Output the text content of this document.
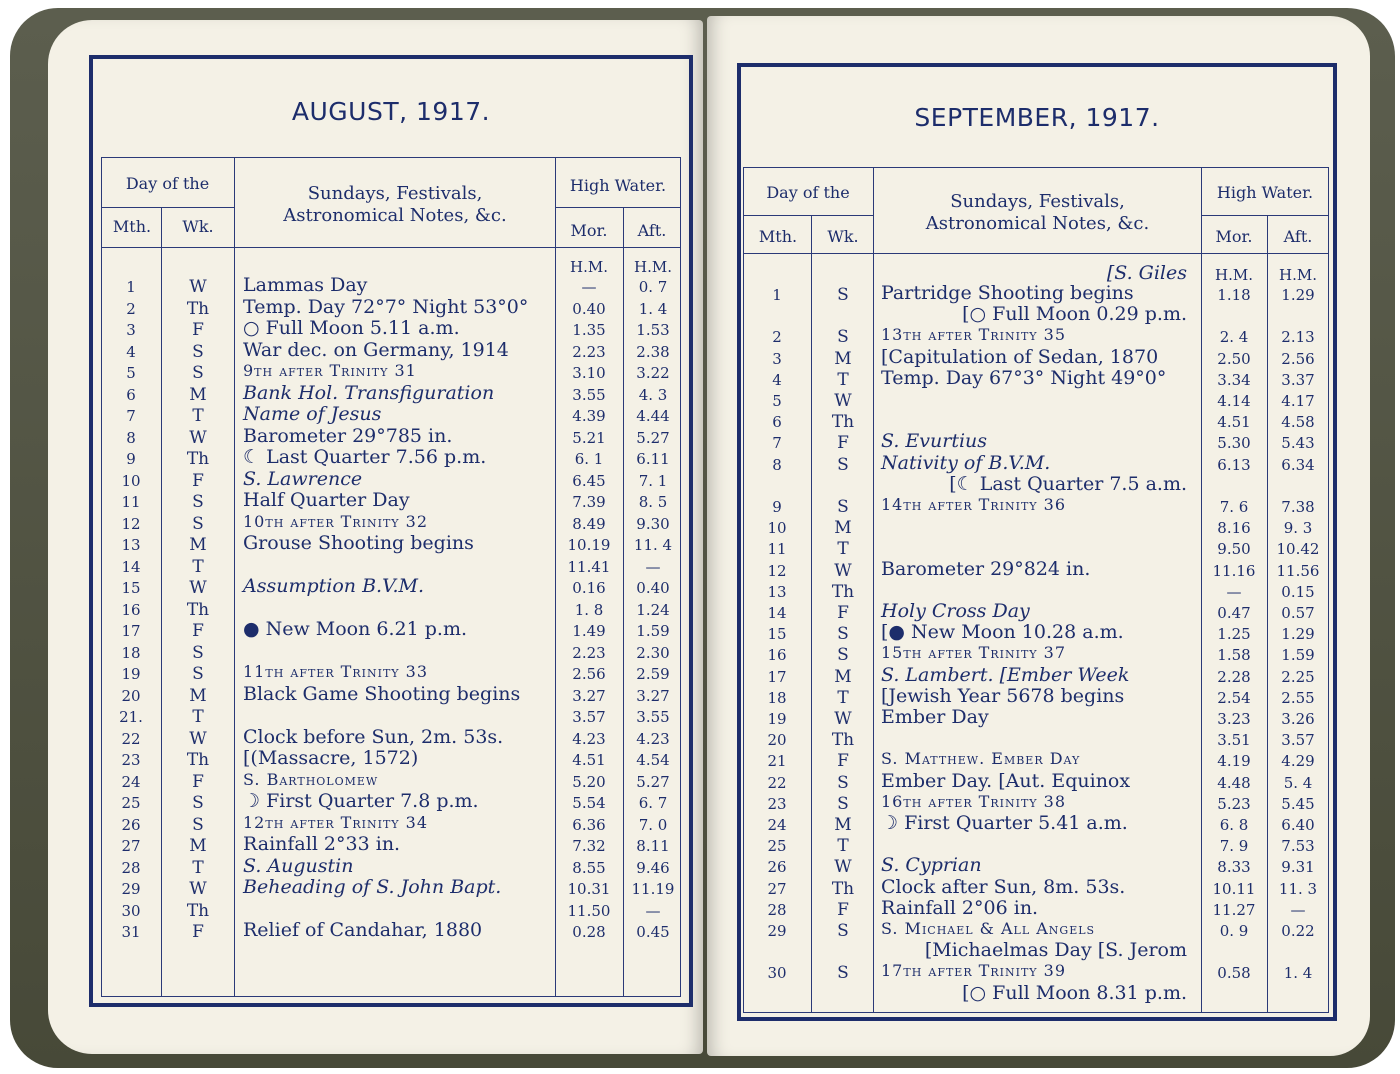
AUGUST, 1917.
Day of the
Mth.	Wk.
Sundays, Festivals,
Astronomical Notes, &c.
High Water.
Mor.	Aft.
H.M.	H.M.
1	W	Lammas Day	—	0. 7
2	Th	Temp. Day 72°7° Night 53°0°	0.40	1. 4
3	F	○ Full Moon 5.11 a.m.	1.35	1.53
4	S	War dec. on Germany, 1914	2.23	2.38
5	S	9th after Trinity 31	3.10	3.22
6	M	Bank Hol. Transfiguration	3.55	4. 3
7	T	Name of Jesus	4.39	4.44
8	W	Barometer 29°785 in.	5.21	5.27
9	Th	☾ Last Quarter 7.56 p.m.	6. 1	6.11
10	F	S. Lawrence	6.45	7. 1
11	S	Half Quarter Day	7.39	8. 5
12	S	10th after Trinity 32	8.49	9.30
13	M	Grouse Shooting begins	10.19	11. 4
14	T	11.41	—
15	W	Assumption B.V.M.	0.16	0.40
16	Th	1. 8	1.24
17	F	● New Moon 6.21 p.m.	1.49	1.59
18	S	2.23	2.30
19	S	11th after Trinity 33	2.56	2.59
20	M	Black Game Shooting begins	3.27	3.27
21.	T	3.57	3.55
22	W	Clock before Sun, 2m. 53s.	4.23	4.23
23	Th	[(Massacre, 1572)	4.51	4.54
24	F	S. Bartholomew	5.20	5.27
25	S	☽ First Quarter 7.8 p.m.	5.54	6. 7
26	S	12th after Trinity 34	6.36	7. 0
27	M	Rainfall 2°33 in.	7.32	8.11
28	T	S. Augustin	8.55	9.46
29	W	Beheading of S. John Bapt.	10.31	11.19
30	Th	11.50	—
31	F	Relief of Candahar, 1880	0.28	0.45
SEPTEMBER, 1917.
Day of the
Mth.	Wk.
Sundays, Festivals,
Astronomical Notes, &c.
High Water.
Mor.	Aft.
[S. Giles	H.M.	H.M.
1	S	Partridge Shooting begins	1.18	1.29
[○ Full Moon 0.29 p.m.
2	S	13th after Trinity 35	2. 4	2.13
3	M	[Capitulation of Sedan, 1870	2.50	2.56
4	T	Temp. Day 67°3° Night 49°0°	3.34	3.37
5	W	4.14	4.17
6	Th	4.51	4.58
7	F	S. Evurtius	5.30	5.43
8	S	Nativity of B.V.M.	6.13	6.34
[☾ Last Quarter 7.5 a.m.
9	S	14th after Trinity 36	7. 6	7.38
10	M	8.16	9. 3
11	T	9.50	10.42
12	W	Barometer 29°824 in.	11.16	11.56
13	Th	—	0.15
14	F	Holy Cross Day	0.47	0.57
15	S	[● New Moon 10.28 a.m.	1.25	1.29
16	S	15th after Trinity 37	1.58	1.59
17	M	S. Lambert. [Ember Week	2.28	2.25
18	T	[Jewish Year 5678 begins	2.54	2.55
19	W	Ember Day	3.23	3.26
20	Th	3.51	3.57
21	F	S. Matthew. Ember Day	4.19	4.29
22	S	Ember Day. [Aut. Equinox	4.48	5. 4
23	S	16th after Trinity 38	5.23	5.45
24	M	☽ First Quarter 5.41 a.m.	6. 8	6.40
25	T	7. 9	7.53
26	W	S. Cyprian	8.33	9.31
27	Th	Clock after Sun, 8m. 53s.	10.11	11. 3
28	F	Rainfall 2°06 in.	11.27	—
29	S	S. Michael & All Angels	0. 9	0.22
[Michaelmas Day [S. Jerom
30	S	17th after Trinity 39	0.58	1. 4
[○ Full Moon 8.31 p.m.
